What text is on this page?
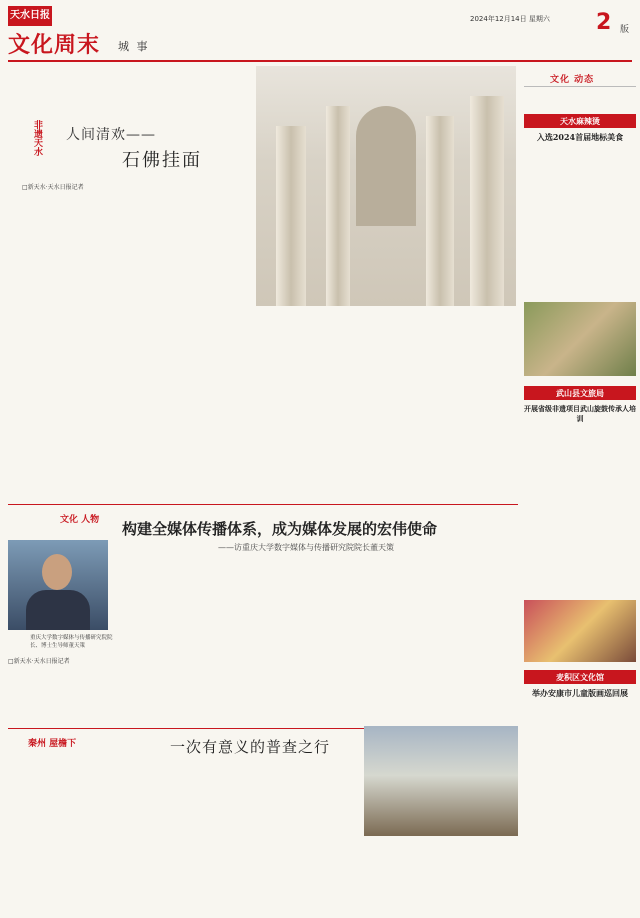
天水日报
文化周末 城 事
2024年12月14日 星期六	2 版
非遗天水 人间清欢——
石佛挂面
□新天水·天水日报记者
文化 人物 构建全媒体传播体系，成为媒体发展的宏伟使命
——访重庆大学数字媒体与传播研究院院长董天策
重庆大学数字媒体与传播研究院院长、博士生导师董天策
□新天水·天水日报记者
秦州 屋檐下	一次有意义的普查之行
文化 动态
天水麻辣烫
入选2024首届地标美食
武山县文旅局
开展省级非遗项目武山旋鼓传承人培训
麦积区文化馆
举办安康市儿童版画巡回展
